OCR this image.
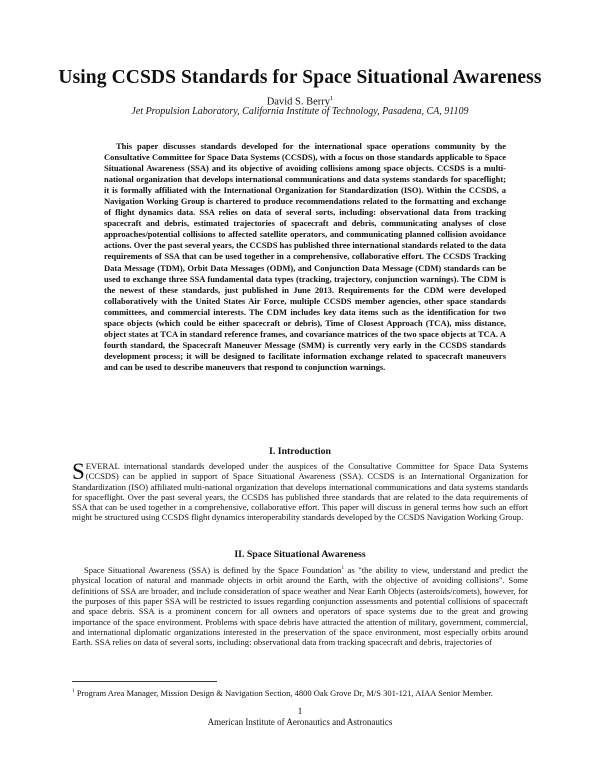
Using CCSDS Standards for Space Situational Awareness
David S. Berry$^1$
Jet Propulsion Laboratory, California Institute of Technology, Pasadena, CA, 91109

This paper discusses standards developed for the international space operations community by the Consultative Committee for Space Data Systems (CCSDS), with a focus on those standards applicable to Space Situational Awareness (SSA) and its objective of avoiding collisions among space objects. CCSDS is a multi-national organization that develops international communications and data systems standards for spaceflight; it is formally affiliated with the International Organization for Standardization (ISO). Within the CCSDS, a Navigation Working Group is chartered to produce recommendations related to the formatting and exchange of flight dynamics data. SSA relies on data of several sorts, including: observational data from tracking spacecraft and debris, estimated trajectories of spacecraft and debris, communicating analyses of close approaches/potential collisions to affected satellite operators, and communicating planned collision avoidance actions. Over the past several years, the CCSDS has published three international standards related to the data requirements of SSA that can be used together in a comprehensive, collaborative effort. The CCSDS Tracking Data Message (TDM), Orbit Data Messages (ODM), and Conjunction Data Message (CDM) standards can be used to exchange three SSA fundamental data types (tracking, trajectory, conjunction warnings). The CDM is the newest of these standards, just published in June 2013. Requirements for the CDM were developed collaboratively with the United States Air Force, multiple CCSDS member agencies, other space standards committees, and commercial interests. The CDM includes key data items such as the identification for two space objects (which could be either spacecraft or debris), Time of Closest Approach (TCA), miss distance, object states at TCA in standard reference frames, and covariance matrices of the two space objects at TCA. A fourth standard, the Spacecraft Maneuver Message (SMM) is currently very early in the CCSDS standards development process; it will be designed to facilitate information exchange related to spacecraft maneuvers and can be used to describe maneuvers that respond to conjunction warnings.

I. Introduction

SEVERAL international standards developed under the auspices of the Consultative Committee for Space Data Systems (CCSDS) can be applied in support of Space Situational Awareness (SSA). CCSDS is an International Organization for Standardization (ISO) affiliated multi-national organization that develops international communications and data systems standards for spaceflight. Over the past several years, the CCSDS has published three standards that are related to the data requirements of SSA that can be used together in a comprehensive, collaborative effort. This paper will discuss in general terms how such an effort might be structured using CCSDS flight dynamics interoperability standards developed by the CCSDS Navigation Working Group.

II. Space Situational Awareness

Space Situational Awareness (SSA) is defined by the Space Foundation$^1$ as "the ability to view, understand and predict the physical location of natural and manmade objects in orbit around the Earth, with the objective of avoiding collisions". Some definitions of SSA are broader, and include consideration of space weather and Near Earth Objects (asteroids/comets), however, for the purposes of this paper SSA will be restricted to issues regarding conjunction assessments and potential collisions of spacecraft and space debris. SSA is a prominent concern for all owners and operators of space systems due to the great and growing importance of the space environment. Problems with space debris have attracted the attention of military, government, commercial, and international diplomatic organizations interested in the preservation of the space environment, most especially orbits around Earth. SSA relies on data of several sorts, including: observational data from tracking spacecraft and debris, trajectories of

$^1$ Program Area Manager, Mission Design & Navigation Section, 4800 Oak Grove Dr, M/S 301-121, AIAA Senior Member.

1
American Institute of Aeronautics and Astronautics
